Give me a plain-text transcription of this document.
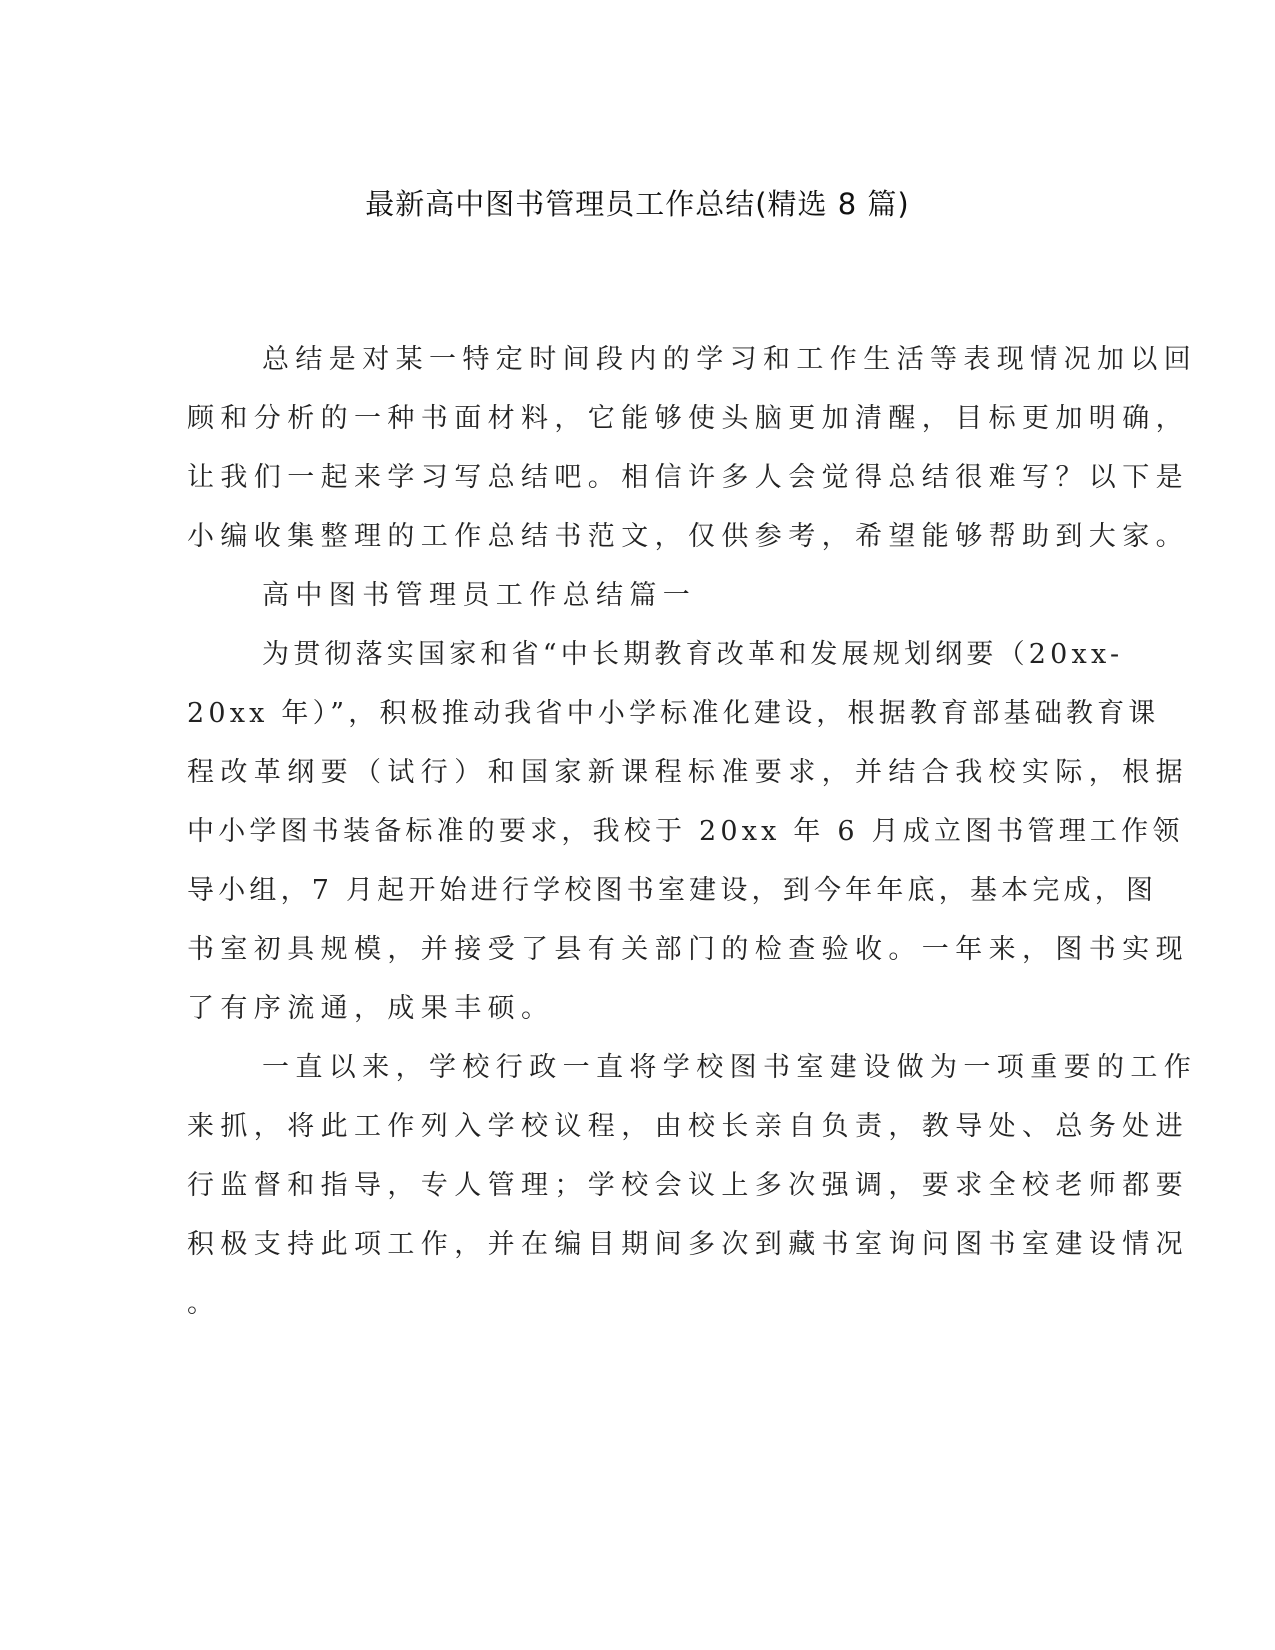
最新高中图书管理员工作总结(精选 8 篇)
总结是对某一特定时间段内的学习和工作生活等表现情况加以回
顾和分析的一种书面材料，它能够使头脑更加清醒，目标更加明确，
让我们一起来学习写总结吧。相信许多人会觉得总结很难写？以下是
小编收集整理的工作总结书范文，仅供参考，希望能够帮助到大家。
高中图书管理员工作总结篇一
为贯彻落实国家和省“中长期教育改革和发展规划纲要（20xx-
20xx 年）”，积极推动我省中小学标准化建设，根据教育部基础教育课
程改革纲要（试行）和国家新课程标准要求，并结合我校实际，根据
中小学图书装备标准的要求，我校于 20xx 年 6 月成立图书管理工作领
导小组，7 月起开始进行学校图书室建设，到今年年底，基本完成，图
书室初具规模，并接受了县有关部门的检查验收。一年来，图书实现
了有序流通，成果丰硕。
一直以来，学校行政一直将学校图书室建设做为一项重要的工作
来抓，将此工作列入学校议程，由校长亲自负责，教导处、总务处进
行监督和指导，专人管理；学校会议上多次强调，要求全校老师都要
积极支持此项工作，并在编目期间多次到藏书室询问图书室建设情况
。
